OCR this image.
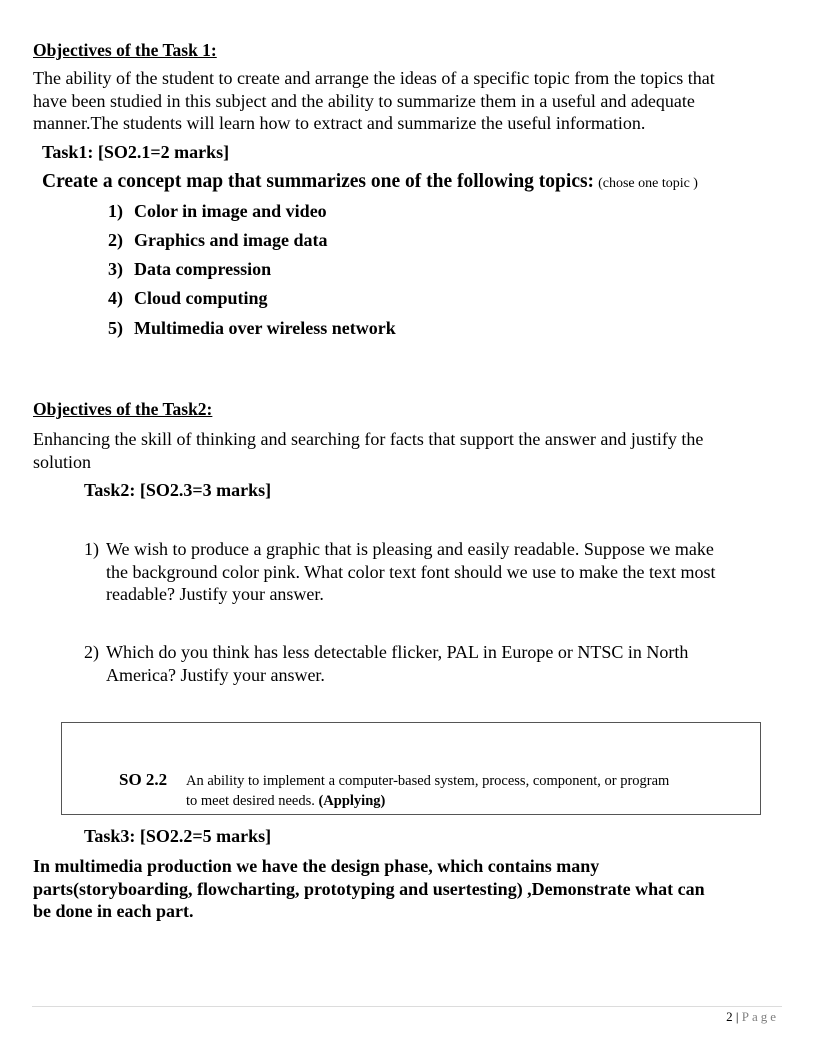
Objectives of the Task 1:
The ability of the student to create and arrange the ideas of a specific topic from the topics that
have been studied in this subject and the ability to summarize them in a useful and adequate
manner.The students will learn how to extract and summarize the useful information.
Task1: [SO2.1=2 marks]
Create a concept map that summarizes one of the following topics: (chose one topic )
1) Color in image and video
2) Graphics and image data
3) Data compression
4) Cloud computing
5) Multimedia over wireless network
Objectives of the Task2:
Enhancing the skill of thinking and searching for facts that support the answer and justify the
solution
Task2: [SO2.3=3 marks]
1) We wish to produce a graphic that is pleasing and easily readable. Suppose we make
the background color pink. What color text font should we use to make the text most
readable? Justify your answer.
2) Which do you think has less detectable flicker, PAL in Europe or NTSC in North
America? Justify your answer.
SO 2.2 An ability to implement a computer-based system, process, component, or program
to meet desired needs. (Applying)
Task3: [SO2.2=5 marks]
In multimedia production we have the design phase, which contains many
parts(storyboarding, flowcharting, prototyping and usertesting) ,Demonstrate what can
be done in each part.
2 | Page
